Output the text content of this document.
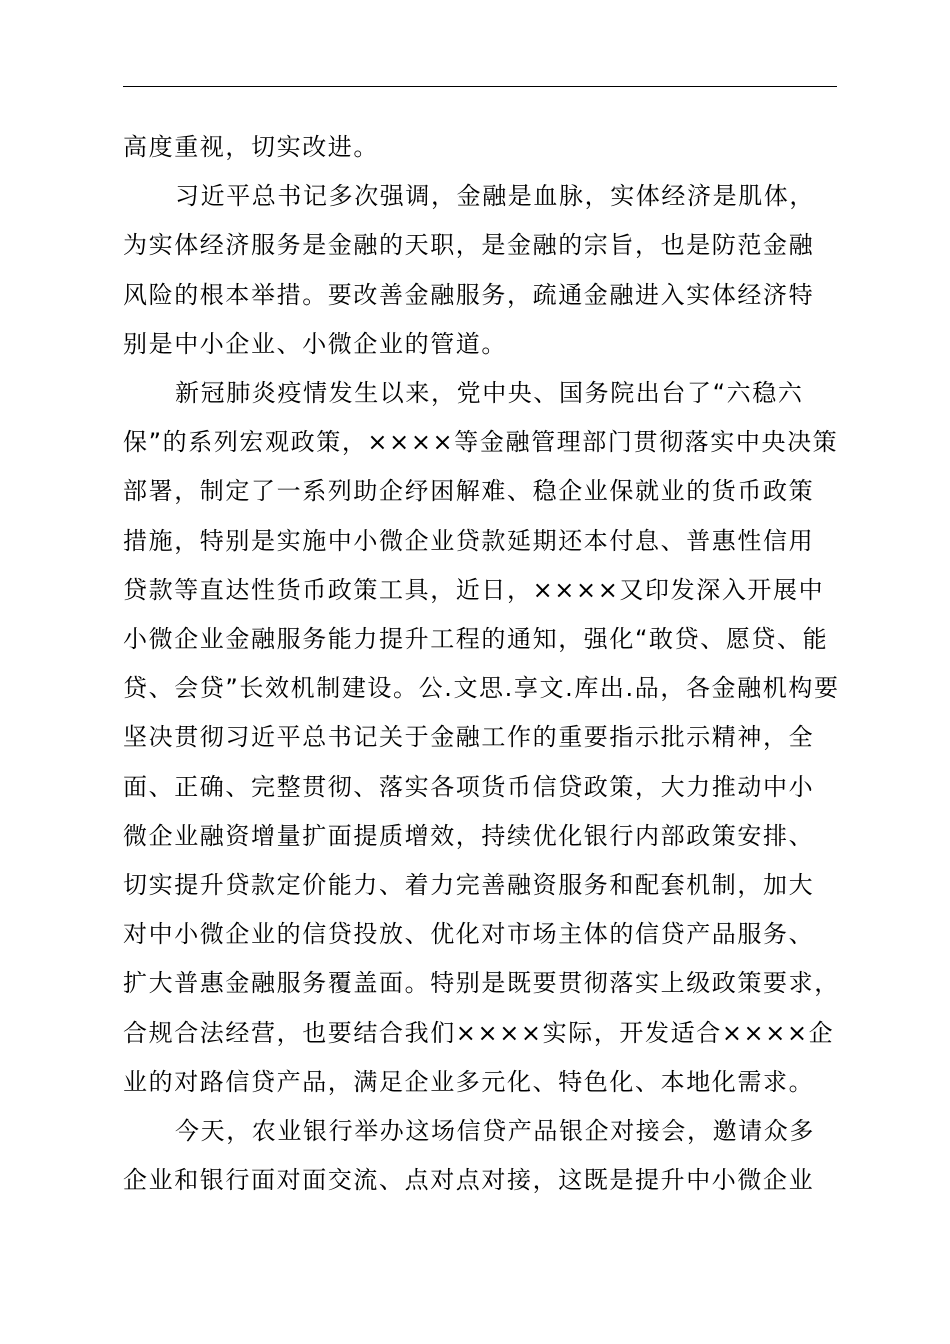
高度重视，切实改进。
习近平总书记多次强调，金融是血脉，实体经济是肌体，
为实体经济服务是金融的天职，是金融的宗旨，也是防范金融
风险的根本举措。要改善金融服务，疏通金融进入实体经济特
别是中小企业、小微企业的管道。
新冠肺炎疫情发生以来，党中央、国务院出台了“六稳六
保”的系列宏观政策，××××等金融管理部门贯彻落实中央决策
部署，制定了一系列助企纾困解难、稳企业保就业的货币政策
措施，特别是实施中小微企业贷款延期还本付息、普惠性信用
贷款等直达性货币政策工具，近日，××××又印发深入开展中
小微企业金融服务能力提升工程的通知，强化“敢贷、愿贷、能
贷、会贷”长效机制建设。公.文思.享文.库出.品，各金融机构要
坚决贯彻习近平总书记关于金融工作的重要指示批示精神，全
面、正确、完整贯彻、落实各项货币信贷政策，大力推动中小
微企业融资增量扩面提质增效，持续优化银行内部政策安排、
切实提升贷款定价能力、着力完善融资服务和配套机制，加大
对中小微企业的信贷投放、优化对市场主体的信贷产品服务、
扩大普惠金融服务覆盖面。特别是既要贯彻落实上级政策要求，
合规合法经营，也要结合我们××××实际，开发适合××××企
业的对路信贷产品，满足企业多元化、特色化、本地化需求。
今天，农业银行举办这场信贷产品银企对接会，邀请众多
企业和银行面对面交流、点对点对接，这既是提升中小微企业
